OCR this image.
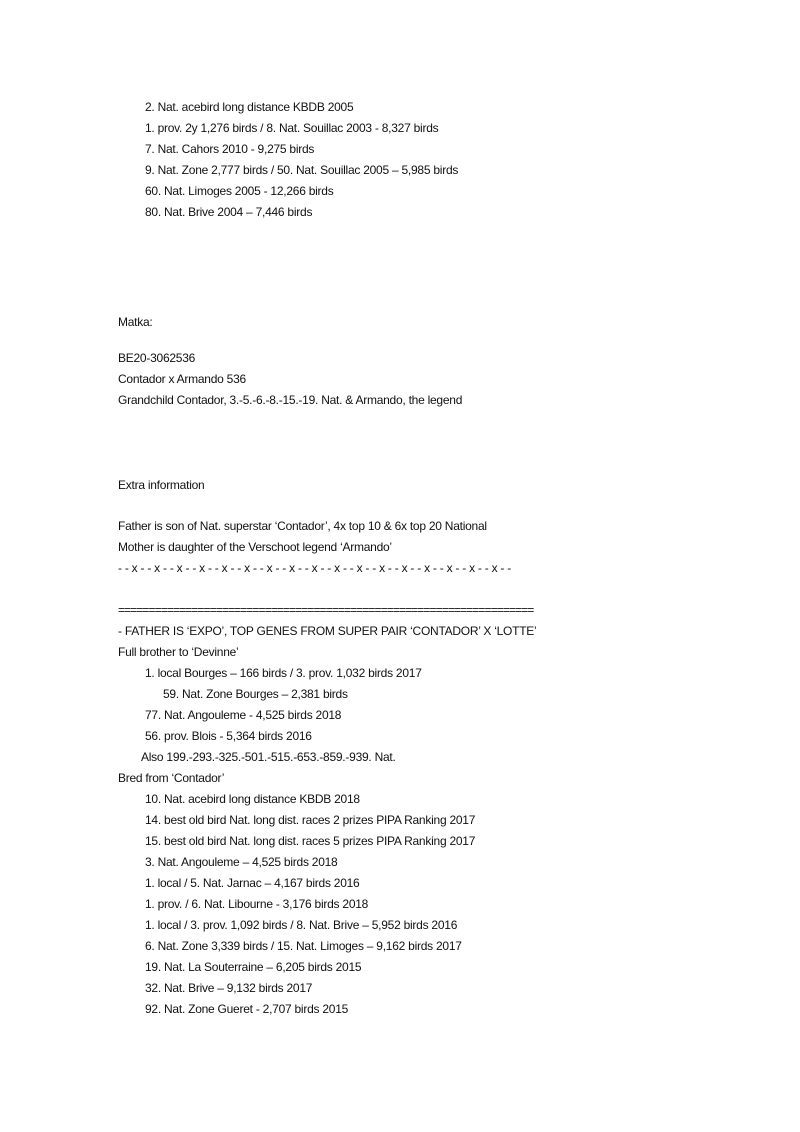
2. Nat. acebird long distance KBDB 2005
1. prov. 2y 1,276 birds / 8. Nat. Souillac 2003 - 8,327 birds
7. Nat. Cahors 2010 - 9,275 birds
9. Nat. Zone 2,777 birds / 50. Nat. Souillac 2005 – 5,985 birds
60. Nat. Limoges 2005 - 12,266 birds
80. Nat. Brive 2004 – 7,446 birds
Matka:
BE20-3062536
Contador x Armando 536
Grandchild Contador, 3.-5.-6.-8.-15.-19. Nat. & Armando, the legend
Extra information
Father is son of Nat. superstar ‘Contador’, 4x top 10 & 6x top 20 National
Mother is daughter of the Verschoot legend ‘Armando’
- - x - - x - - x - - x - - x - - x - - x - - x - - x - - x - - x - - x - - x - - x - - x - - x - - x - -
====================================================================
- FATHER IS ‘EXPO’, TOP GENES FROM SUPER PAIR ‘CONTADOR’ X ‘LOTTE’
Full brother to ‘Devinne’
1. local Bourges – 166 birds / 3. prov. 1,032 birds 2017
59. Nat. Zone Bourges – 2,381 birds
77. Nat. Angouleme - 4,525 birds 2018
56. prov. Blois - 5,364 birds 2016
Also 199.-293.-325.-501.-515.-653.-859.-939. Nat.
Bred from ‘Contador’
10. Nat. acebird long distance KBDB 2018
14. best old bird Nat. long dist. races 2 prizes PIPA Ranking 2017
15. best old bird Nat. long dist. races 5 prizes PIPA Ranking 2017
3. Nat. Angouleme – 4,525 birds 2018
1. local / 5. Nat. Jarnac – 4,167 birds 2016
1. prov. / 6. Nat. Libourne - 3,176 birds 2018
1. local / 3. prov. 1,092 birds / 8. Nat. Brive – 5,952 birds 2016
6. Nat. Zone 3,339 birds / 15. Nat. Limoges – 9,162 birds 2017
19. Nat. La Souterraine – 6,205 birds 2015
32. Nat. Brive – 9,132 birds 2017
92. Nat. Zone Gueret - 2,707 birds 2015
